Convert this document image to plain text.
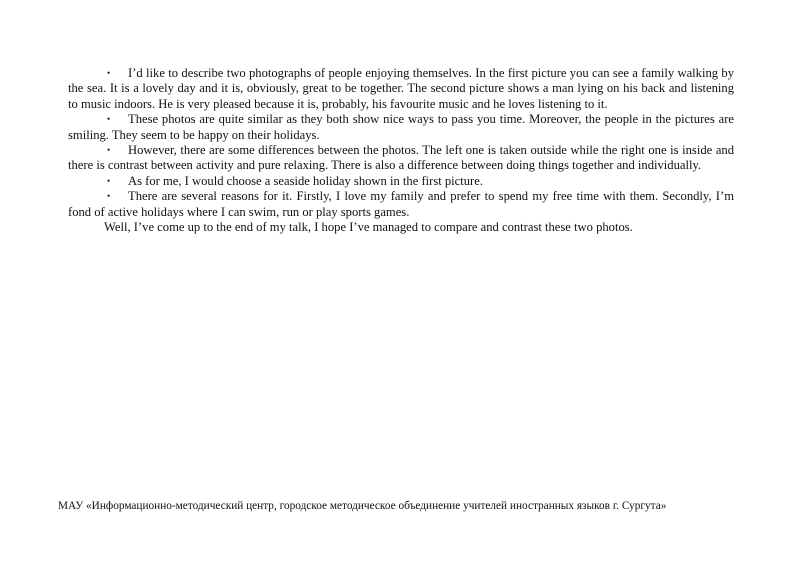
• I’d like to describe two photographs of people enjoying themselves. In the first picture you can see a family walking by the sea. It is a lovely day and it is, obviously, great to be together. The second picture shows a man lying on his back and listening to music indoors. He is very pleased because it is, probably, his favourite music and he loves listening to it.

• These photos are quite similar as they both show nice ways to pass you time. Moreover, the people in the pictures are smiling. They seem to be happy on their holidays.

• However, there are some differences between the photos. The left one is taken outside while the right one is inside and there is contrast between activity and pure relaxing. There is also a difference between doing things together and individually.

• As for me, I would choose a seaside holiday shown in the first picture.

• There are several reasons for it. Firstly, I love my family and prefer to spend my free time with them. Secondly, I’m fond of active holidays where I can swim, run or play sports games.

Well, I’ve come up to the end of my talk, I hope I’ve managed to compare and contrast these two photos.

МАУ «Информационно-методический центр, городское методическое объединение учителей иностранных языков г. Сургута»
